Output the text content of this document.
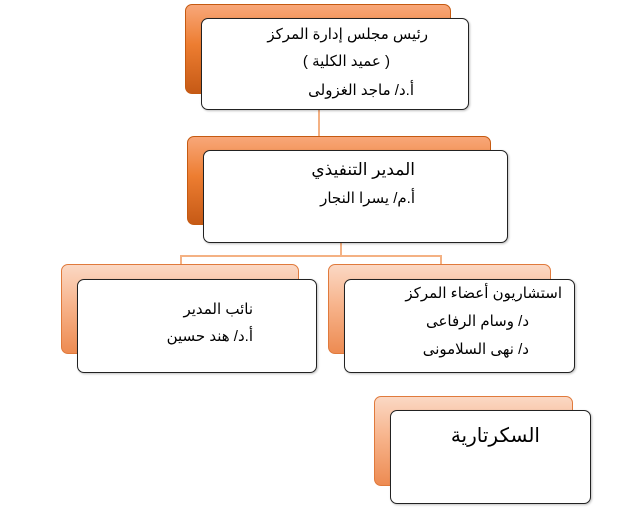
رئيس مجلس إدارة المركز
( عميد الكلية )
أ.د/ ماجد الغزولى
المدير التنفيذي
أ.م/ يسرا النجار
نائب المدير
أ.د/ هند حسين
استشاريون أعضاء المركز
د/ وسام الرفاعى
د/ نهى السلامونى
السكرتارية
